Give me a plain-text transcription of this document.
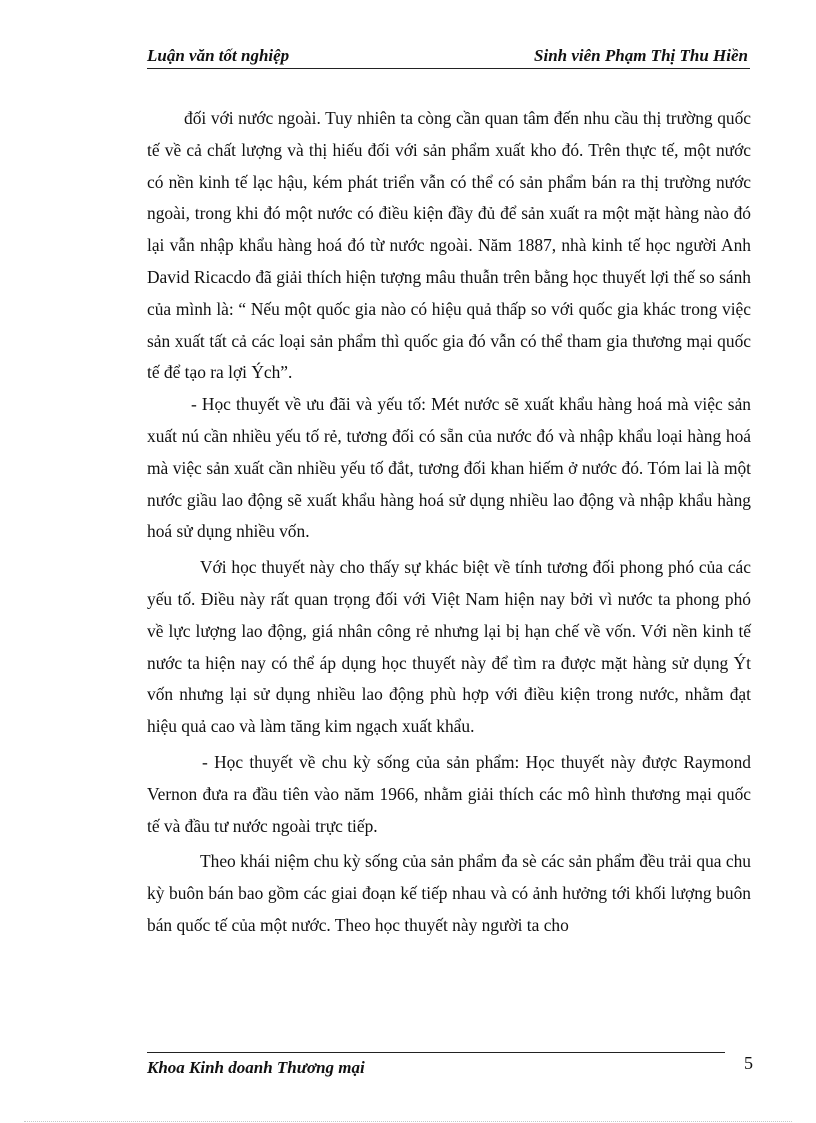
Luận văn tốt nghiệp	Sinh viên Phạm Thị Thu Hiền

đối với nước ngoài. Tuy nhiên ta còng cần quan tâm đến nhu cầu thị trường quốc tế về cả chất lượng và thị hiếu đối với sản phẩm xuất kho đó. Trên thực tế, một nước có nền kinh tế lạc hậu, kém phát triển vẫn có thể có sản phẩm bán ra thị trường nước ngoài, trong khi đó một nước có điều kiện đầy đủ để sản xuất ra một mặt hàng nào đó lại vẫn nhập khẩu hàng hoá đó từ nước ngoài. Năm 1887, nhà kinh tế học người Anh David Ricacdo đã giải thích hiện tượng mâu thuẫn trên bằng học thuyết lợi thế so sánh của mình là: “ Nếu một quốc gia nào có hiệu quả thấp so với quốc gia khác trong việc sản xuất tất cả các loại sản phẩm thì quốc gia đó vẫn có thể tham gia thương mại quốc tế để tạo ra lợi Ých”.

- Học thuyết về ưu đãi và yếu tố: Mét nước sẽ xuất khẩu hàng hoá mà việc sản xuất nú cần nhiều yếu tố rẻ, tương đối có sẵn của nước đó và nhập khẩu loại hàng hoá mà việc sản xuất cần nhiều yếu tố đắt, tương đối khan hiếm ở nước đó. Tóm lai là một nước giầu lao động sẽ xuất khẩu hàng hoá sử dụng nhiều lao động và nhập khẩu hàng hoá sử dụng nhiều vốn.

Với học thuyết này cho thấy sự khác biệt về tính tương đối phong phó của các yếu tố. Điều này rất quan trọng đối với Việt Nam hiện nay bởi vì nước ta phong phó về lực lượng lao động, giá nhân công rẻ nhưng lại bị hạn chế về vốn. Với nền kinh tế nước ta hiện nay có thể áp dụng học thuyết này để tìm ra được mặt hàng sử dụng Ýt vốn nhưng lại sử dụng nhiều lao động phù hợp với điều kiện trong nước, nhằm đạt hiệu quả cao và làm tăng kim ngạch xuất khẩu.

- Học thuyết về chu kỳ sống của sản phẩm: Học thuyết này được Raymond Vernon đưa ra đầu tiên vào năm 1966, nhằm giải thích các mô hình thương mại quốc tế và đầu tư nước ngoài trực tiếp.

Theo khái niệm chu kỳ sống của sản phẩm đa sè các sản phẩm đều trải qua chu kỳ buôn bán bao gồm các giai đoạn kế tiếp nhau và có ảnh hưởng tới khối lượng buôn bán quốc tế của một nước. Theo học thuyết này người ta cho

Khoa Kinh doanh Thương mại	5
